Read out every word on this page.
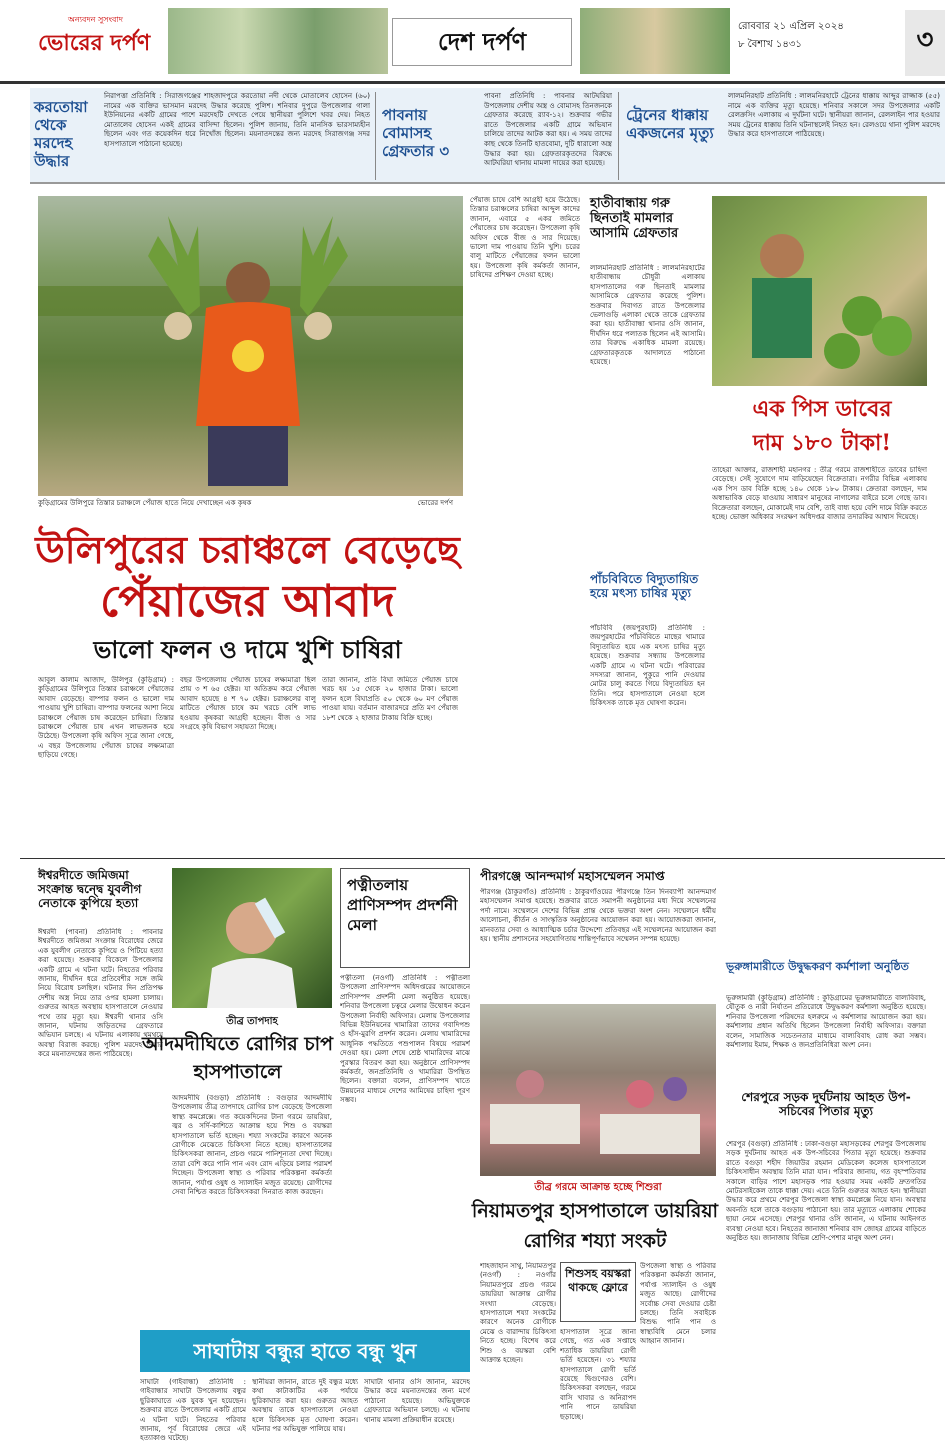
অন্যবদন সুসংবাদ
ভোরের দর্পণ	দেশ দর্পণ
রোববার ২১ এপ্রিল ২০২৪
৮ বৈশাখ ১৪৩১	৩
করতোয়া থেকে মরদেহ উদ্ধার
নিরাপত্তা প্রতিনিধি : সিরাজগঞ্জের শাহজাদপুরে করতোয়া নদী থেকে মোতালেব হোসেন (৬০) নামের এক ব্যক্তির ভাসমান মরদেহ উদ্ধার করেছে পুলিশ। শনিবার দুপুরে উপজেলার গালা ইউনিয়নের একটি গ্রামের পাশে মরদেহটি দেখতে পেয়ে স্থানীয়রা পুলিশে খবর দেয়। নিহত মোতালেব হোসেন একই গ্রামের বাসিন্দা ছিলেন। পুলিশ জানায়, তিনি মানসিক ভারসাম্যহীন ছিলেন এবং গত কয়েকদিন ধরে নিখোঁজ ছিলেন। ময়নাতদন্তের জন্য মরদেহ সিরাজগঞ্জ সদর হাসপাতালে পাঠানো হয়েছে।
পাবনায় বোমাসহ গ্রেফতার ৩
পাবনা প্রতিনিধি : পাবনার আটঘরিয়া উপজেলায় দেশীয় অস্ত্র ও বোমাসহ তিনজনকে গ্রেফতার করেছে র‌্যাব-১২। শুক্রবার গভীর রাতে উপজেলার একটি গ্রামে অভিযান চালিয়ে তাদের আটক করা হয়। এ সময় তাদের কাছ থেকে তিনটি হাতবোমা, দুটি ধারালো অস্ত্র উদ্ধার করা হয়। গ্রেফতারকৃতদের বিরুদ্ধে আটঘরিয়া থানায় মামলা দায়ের করা হয়েছে।
ট্রেনের ধাক্কায় একজনের মৃত্যু
লালমনিরহাট প্রতিনিধি : লালমনিরহাটে ট্রেনের ধাক্কায় আব্দুর রাজ্জাক (৫৫) নামে এক ব্যক্তির মৃত্যু হয়েছে। শনিবার সকালে সদর উপজেলার একটি রেলক্রসিং এলাকায় এ দুর্ঘটনা ঘটে। স্থানীয়রা জানান, রেললাইন পার হওয়ার সময় ট্রেনের ধাক্কায় তিনি ঘটনাস্থলেই নিহত হন। রেলওয়ে থানা পুলিশ মরদেহ উদ্ধার করে হাসপাতালে পাঠিয়েছে।
কুড়িগ্রামের উলিপুরে তিস্তার চরাঞ্চলে পেঁয়াজ হাতে নিয়ে দেখাচ্ছেন এক কৃষক	ভোরের দর্পণ
উলিপুরের চরাঞ্চলে বেড়েছে
পেঁয়াজের আবাদ
ভালো ফলন ও দামে খুশি চাষিরা
আবুল কালাম আজাদ, উলিপুর (কুড়িগ্রাম) : কুড়িগ্রামের উলিপুরে তিস্তার চরাঞ্চলে পেঁয়াজের আবাদ বেড়েছে। বাম্পার ফলন ও ভালো দাম পাওয়ায় খুশি চাষিরা। বাম্পার ফলনের আশা নিয়ে চরাঞ্চলে পেঁয়াজ চাষ করেছেন চাষিরা। তিস্তার চরাঞ্চলে পেঁয়াজ চাষ এখন লাভজনক হয়ে উঠেছে। উপজেলা কৃষি অফিস সূত্রে জানা গেছে, এ বছর উপজেলায় পেঁয়াজ চাষের লক্ষ্যমাত্রা ছাড়িয়ে গেছে।
বছর উপজেলায় পেঁয়াজ চাষের লক্ষ্যমাত্রা ছিল প্রায় ৩ শ ৬৫ হেক্টর। যা অতিক্রম করে পেঁয়াজ আবাদ হয়েছে ৪ শ ৭০ হেক্টর। চরাঞ্চলের বালু মাটিতে পেঁয়াজ চাষে কম খরচে বেশি লাভ হওয়ায় কৃষকরা আগ্রহী হচ্ছেন। বীজ ও সার সংগ্রহে কৃষি বিভাগ সহায়তা দিচ্ছে।
তারা জানান, প্রতি বিঘা জমিতে পেঁয়াজ চাষে খরচ হয় ১৫ থেকে ২০ হাজার টাকা। ভালো ফলন হলে বিঘাপ্রতি ৫০ থেকে ৬০ মণ পেঁয়াজ পাওয়া যায়। বর্তমান বাজারদরে প্রতি মণ পেঁয়াজ ১৮শ থেকে ২ হাজার টাকায় বিক্রি হচ্ছে।
পেঁয়াজ চাষে বেশি আগ্রহী হয়ে উঠেছে। তিস্তার চরাঞ্চলের চাষিরা আব্দুল কাদের জানান, এবারে ৫ একর জমিতে পেঁয়াজের চাষ করেছেন। উপজেলা কৃষি অফিস থেকে বীজ ও সার দিয়েছে। ভালো দাম পাওয়ায় তিনি খুশি। চরের বালু মাটিতে পেঁয়াজের ফলন ভালো হয়। উপজেলা কৃষি কর্মকর্তা জানান, চাষিদের প্রশিক্ষণ দেওয়া হচ্ছে।
হাতীবান্ধায় গরু ছিনতাই মামলার আসামি গ্রেফতার
লালমনিরহাট প্রতিনিধি : লালমনিরহাটের হাতীবান্ধায় চৌধুরী এলাকায় হাসপাতালের গরু ছিনতাই মামলার আসামিকে গ্রেফতার করেছে পুলিশ। শুক্রবার দিবাগত রাতে উপজেলার ভেলাগুড়ি এলাকা থেকে তাকে গ্রেফতার করা হয়। হাতীবান্ধা থানার ওসি জানান, দীর্ঘদিন ধরে পলাতক ছিলেন এই আসামি। তার বিরুদ্ধে একাধিক মামলা রয়েছে। গ্রেফতারকৃতকে আদালতে পাঠানো হয়েছে।
এক পিস ডাবের
দাম ১৮০ টাকা!
তাহেরা আক্তার, রাজশাহী মহানগর : তীব্র গরমে রাজশাহীতে ডাবের চাহিদা বেড়েছে। সেই সুযোগে দাম বাড়িয়েছেন বিক্রেতারা। নগরীর বিভিন্ন এলাকায় এক পিস ডাব বিক্রি হচ্ছে ১৪০ থেকে ১৮০ টাকায়। ক্রেতারা বলছেন, দাম অস্বাভাবিক বেড়ে যাওয়ায় সাধারণ মানুষের নাগালের বাইরে চলে গেছে ডাব। বিক্রেতারা বলছেন, মোকামেই দাম বেশি, তাই বাধ্য হয়ে বেশি দামে বিক্রি করতে হচ্ছে। ভোক্তা অধিকার সংরক্ষণ অধিদপ্তর বাজার তদারকির আশ্বাস দিয়েছে।
পাঁচবিবিতে বিদ্যুতায়িত হয়ে মৎস্য চাষির মৃত্যু
পাঁচবিবি (জয়পুরহাট) প্রতিনিধি : জয়পুরহাটের পাঁচবিবিতে মাছের খামারে বিদ্যুতায়িত হয়ে এক মৎস্য চাষির মৃত্যু হয়েছে। শুক্রবার সন্ধ্যায় উপজেলার একটি গ্রামে এ ঘটনা ঘটে। পরিবারের সদস্যরা জানান, পুকুরে পানি দেওয়ার মোটর চালু করতে গিয়ে বিদ্যুতায়িত হন তিনি। পরে হাসপাতালে নেওয়া হলে চিকিৎসক তাকে মৃত ঘোষণা করেন।
ঈশ্বরদীতে জমিজমা সংক্রান্ত দ্বন্দ্বে যুবলীগ নেতাকে কুপিয়ে হত্যা
ঈশ্বরদী (পাবনা) প্রতিনিধি : পাবনার ঈশ্বরদীতে জমিজমা সংক্রান্ত বিরোধের জেরে এক যুবলীগ নেতাকে কুপিয়ে ও পিটিয়ে হত্যা করা হয়েছে। শুক্রবার বিকেলে উপজেলার একটি গ্রামে এ ঘটনা ঘটে। নিহতের পরিবার জানায়, দীর্ঘদিন ধরে প্রতিবেশীর সঙ্গে জমি নিয়ে বিরোধ চলছিল। ঘটনার দিন প্রতিপক্ষ দেশীয় অস্ত্র নিয়ে তার ওপর হামলা চালায়। গুরুতর আহত অবস্থায় হাসপাতালে নেওয়ার পথে তার মৃত্যু হয়। ঈশ্বরদী থানার ওসি জানান, ঘটনায় জড়িতদের গ্রেফতারে অভিযান চলছে। এ ঘটনায় এলাকায় থমথমে অবস্থা বিরাজ করছে। পুলিশ মরদেহ উদ্ধার করে ময়নাতদন্তের জন্য পাঠিয়েছে।
পত্নীতলায় প্রাণিসম্পদ প্রদর্শনী মেলা
পত্নীতলা (নওগাঁ) প্রতিনিধি : পত্নীতলা উপজেলা প্রাণিসম্পদ অধিদপ্তরের আয়োজনে প্রাণিসম্পদ প্রদর্শনী মেলা অনুষ্ঠিত হয়েছে। শনিবার উপজেলা চত্বরে মেলার উদ্বোধন করেন উপজেলা নির্বাহী অফিসার। মেলায় উপজেলার বিভিন্ন ইউনিয়নের খামারিরা তাদের গবাদিপশু ও হাঁস-মুরগি প্রদর্শন করেন। মেলায় খামারিদের আধুনিক পদ্ধতিতে পশুপালন বিষয়ে পরামর্শ দেওয়া হয়। মেলা শেষে শ্রেষ্ঠ খামারিদের মাঝে পুরস্কার বিতরণ করা হয়। অনুষ্ঠানে প্রাণিসম্পদ কর্মকর্তা, জনপ্রতিনিধি ও খামারিরা উপস্থিত ছিলেন। বক্তারা বলেন, প্রাণিসম্পদ খাতে উন্নয়নের মাধ্যমে দেশের আমিষের চাহিদা পূরণ সম্ভব।
তীব্র তাপদাহ
আদমদীঘিতে রোগির চাপ হাসপাতালে
আদমদীঘি (বগুড়া) প্রতিনিধি : বগুড়ার আদমদীঘি উপজেলায় তীব্র তাপদাহে রোগির চাপ বেড়েছে উপজেলা স্বাস্থ্য কমপ্লেক্সে। গত কয়েকদিনের টানা গরমে ডায়রিয়া, জ্বর ও সর্দি-কাশিতে আক্রান্ত হয়ে শিশু ও বয়স্করা হাসপাতালে ভর্তি হচ্ছেন। শয্যা সংকটের কারণে অনেক রোগীকে মেঝেতে চিকিৎসা নিতে হচ্ছে। হাসপাতালের চিকিৎসকরা জানান, প্রচণ্ড গরমে পানিশূন্যতা দেখা দিচ্ছে। তারা বেশি করে পানি পান এবং রোদ এড়িয়ে চলার পরামর্শ দিচ্ছেন। উপজেলা স্বাস্থ্য ও পরিবার পরিকল্পনা কর্মকর্তা জানান, পর্যাপ্ত ওষুধ ও স্যালাইন মজুত রয়েছে। রোগীদের সেবা নিশ্চিত করতে চিকিৎসকরা দিনরাত কাজ করছেন।
পীরগঞ্জে আনন্দমার্গ মহাসম্মেলন সমাপ্ত
পীরগঞ্জ (ঠাকুরগাঁও) প্রতিনিধি : ঠাকুরগাঁওয়ের পীরগঞ্জে তিন দিনব্যাপী আনন্দমার্গ মহাসম্মেলন সমাপ্ত হয়েছে। শুক্রবার রাতে সমাপনী অনুষ্ঠানের মধ্য দিয়ে সম্মেলনের পর্দা নামে। সম্মেলনে দেশের বিভিন্ন প্রান্ত থেকে ভক্তরা অংশ নেন। সম্মেলনে ধর্মীয় আলোচনা, কীর্তন ও সাংস্কৃতিক অনুষ্ঠানের আয়োজন করা হয়। আয়োজকরা জানান, মানবতার সেবা ও আধ্যাত্মিক চর্চার উদ্দেশ্যে প্রতিবছর এই সম্মেলনের আয়োজন করা হয়। স্থানীয় প্রশাসনের সহযোগিতায় শান্তিপূর্ণভাবে সম্মেলন সম্পন্ন হয়েছে।
ভূরুঙ্গামারীতে উদ্বুদ্ধকরণ কর্মশালা অনুষ্ঠিত
ভূরুঙ্গামারী (কুড়িগ্রাম) প্রতিনিধি : কুড়িগ্রামের ভূরুঙ্গামারীতে বাল্যবিবাহ, যৌতুক ও নারী নির্যাতন প্রতিরোধে উদ্বুদ্ধকরণ কর্মশালা অনুষ্ঠিত হয়েছে। শনিবার উপজেলা পরিষদের হলরুমে এ কর্মশালার আয়োজন করা হয়। কর্মশালায় প্রধান অতিথি ছিলেন উপজেলা নির্বাহী অফিসার। বক্তারা বলেন, সামাজিক সচেতনতার মাধ্যমে বাল্যবিবাহ রোধ করা সম্ভব। কর্মশালায় ইমাম, শিক্ষক ও জনপ্রতিনিধিরা অংশ নেন।
শেরপুরে সড়ক দুর্ঘটনায় আহত উপ-সচিবের পিতার মৃত্যু
শেরপুর (বগুড়া) প্রতিনিধি : ঢাকা-বগুড়া মহাসড়কের শেরপুর উপজেলায় সড়ক দুর্ঘটনায় আহত এক উপ-সচিবের পিতার মৃত্যু হয়েছে। শুক্রবার রাতে বগুড়া শহীদ জিয়াউর রহমান মেডিকেল কলেজ হাসপাতালে চিকিৎসাধীন অবস্থায় তিনি মারা যান। পরিবার জানায়, গত বৃহস্পতিবার সকালে বাড়ির পাশে মহাসড়ক পার হওয়ার সময় একটি দ্রুতগতির মোটরসাইকেল তাকে ধাক্কা দেয়। এতে তিনি গুরুতর আহত হন। স্থানীয়রা উদ্ধার করে প্রথমে শেরপুর উপজেলা স্বাস্থ্য কমপ্লেক্সে নিয়ে যান। অবস্থার অবনতি হলে তাকে বগুড়ায় পাঠানো হয়। তার মৃত্যুতে এলাকায় শোকের ছায়া নেমে এসেছে। শেরপুর থানার ওসি জানান, এ ঘটনায় আইনগত ব্যবস্থা নেওয়া হবে। নিহতের জানাজা শনিবার বাদ জোহর গ্রামের বাড়িতে অনুষ্ঠিত হয়। জানাজায় বিভিন্ন শ্রেণি-পেশার মানুষ অংশ নেন।
তীব্র গরমে আক্রান্ত হচ্ছে শিশুরা
নিয়ামতপুর হাসপাতালে ডায়রিয়া
রোগির শয্যা সংকট
শাহজাহান সাথু, নিয়ামতপুর (নওগাঁ) : নওগাঁর নিয়ামতপুরে প্রচণ্ড গরমে ডায়রিয়া আক্রান্ত রোগীর সংখ্যা বেড়েছে। হাসপাতালে শয্যা সংকটের কারণে অনেক রোগীকে মেঝে ও বারান্দায় চিকিৎসা নিতে হচ্ছে। বিশেষ করে শিশু ও বয়স্করা বেশি আক্রান্ত হচ্ছেন।
শিশুসহ বয়স্করা থাকছে ফ্লোরে
হাসপাতাল সূত্রে জানা গেছে, গত এক সপ্তাহে শতাধিক ডায়রিয়া রোগী ভর্তি হয়েছেন। ৩১ শয্যার হাসপাতালে রোগী ভর্তি রয়েছে দ্বিগুণেরও বেশি। চিকিৎসকরা বলছেন, গরমে বাসি খাবার ও অনিরাপদ পানি পানে ডায়রিয়া ছড়াচ্ছে।
উপজেলা স্বাস্থ্য ও পরিবার পরিকল্পনা কর্মকর্তা জানান, পর্যাপ্ত স্যালাইন ও ওষুধ মজুত আছে। রোগীদের সর্বোচ্চ সেবা দেওয়ার চেষ্টা চলছে। তিনি সবাইকে বিশুদ্ধ পানি পান ও স্বাস্থ্যবিধি মেনে চলার আহ্বান জানান।
সাঘাটায় বন্ধুর হাতে বন্ধু খুন
সাঘাটা (গাইবান্ধা) প্রতিনিধি : গাইবান্ধার সাঘাটা উপজেলায় বন্ধুর ছুরিকাঘাতে এক যুবক খুন হয়েছেন। শুক্রবার রাতে উপজেলার একটি গ্রামে এ ঘটনা ঘটে। নিহতের পরিবার জানায়, পূর্ব বিরোধের জেরে এই হত্যাকাণ্ড ঘটেছে।
স্থানীয়রা জানান, রাতে দুই বন্ধুর মধ্যে কথা কাটাকাটির এক পর্যায়ে ছুরিকাঘাত করা হয়। গুরুতর আহত অবস্থায় তাকে হাসপাতালে নেওয়া হলে চিকিৎসক মৃত ঘোষণা করেন। ঘটনার পর অভিযুক্ত পালিয়ে যায়।
সাঘাটা থানার ওসি জানান, মরদেহ উদ্ধার করে ময়নাতদন্তের জন্য মর্গে পাঠানো হয়েছে। অভিযুক্তকে গ্রেফতারে অভিযান চলছে। এ ঘটনায় থানায় মামলা প্রক্রিয়াধীন রয়েছে।
